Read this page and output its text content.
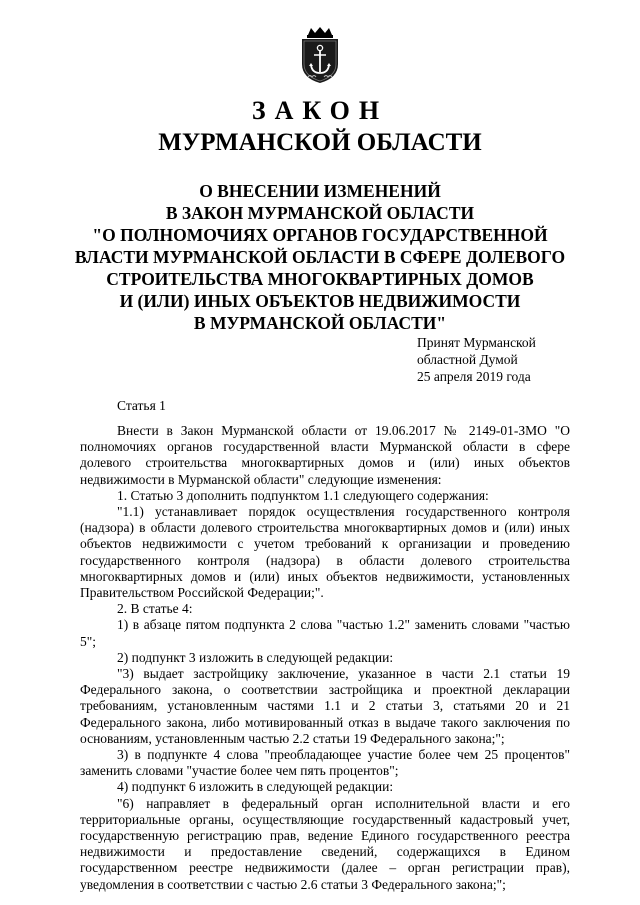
ЗАКОН
МУРМАНСКОЙ ОБЛАСТИ
О ВНЕСЕНИИ ИЗМЕНЕНИЙ
В ЗАКОН МУРМАНСКОЙ ОБЛАСТИ
"О ПОЛНОМОЧИЯХ ОРГАНОВ ГОСУДАРСТВЕННОЙ
ВЛАСТИ МУРМАНСКОЙ ОБЛАСТИ В СФЕРЕ ДОЛЕВОГО
СТРОИТЕЛЬСТВА МНОГОКВАРТИРНЫХ ДОМОВ
И (ИЛИ) ИНЫХ ОБЪЕКТОВ НЕДВИЖИМОСТИ
В МУРМАНСКОЙ ОБЛАСТИ"
Принят Мурманской
областной Думой
25 апреля 2019 года
Статья 1

Внести в Закон Мурманской области от 19.06.2017 № 2149-01-ЗМО "О полномочиях органов государственной власти Мурманской области в сфере долевого строительства многоквартирных домов и (или) иных объектов недвижимости в Мурманской области" следующие изменения:

1. Статью 3 дополнить подпунктом 1.1 следующего содержания:

"1.1) устанавливает порядок осуществления государственного контроля (надзора) в области долевого строительства многоквартирных домов и (или) иных объектов недвижимости с учетом требований к организации и проведению государственного контроля (надзора) в области долевого строительства многоквартирных домов и (или) иных объектов недвижимости, установленных Правительством Российской Федерации;".

2. В статье 4:

1) в абзаце пятом подпункта 2 слова "частью 1.2" заменить словами "частью 5";

2) подпункт 3 изложить в следующей редакции:

"3) выдает застройщику заключение, указанное в части 2.1 статьи 19 Федерального закона, о соответствии застройщика и проектной декларации требованиям, установленным частями 1.1 и 2 статьи 3, статьями 20 и 21 Федерального закона, либо мотивированный отказ в выдаче такого заключения по основаниям, установленным частью 2.2 статьи 19 Федерального закона;";

3) в подпункте 4 слова "преобладающее участие более чем 25 процентов" заменить словами "участие более чем пять процентов";

4) подпункт 6 изложить в следующей редакции:

"6) направляет в федеральный орган исполнительной власти и его территориальные органы, осуществляющие государственный кадастровый учет, государственную регистрацию прав, ведение Единого государственного реестра недвижимости и предоставление сведений, содержащихся в Едином государственном реестре недвижимости (далее – орган регистрации прав), уведомления в соответствии с частью 2.6 статьи 3 Федерального закона;";
